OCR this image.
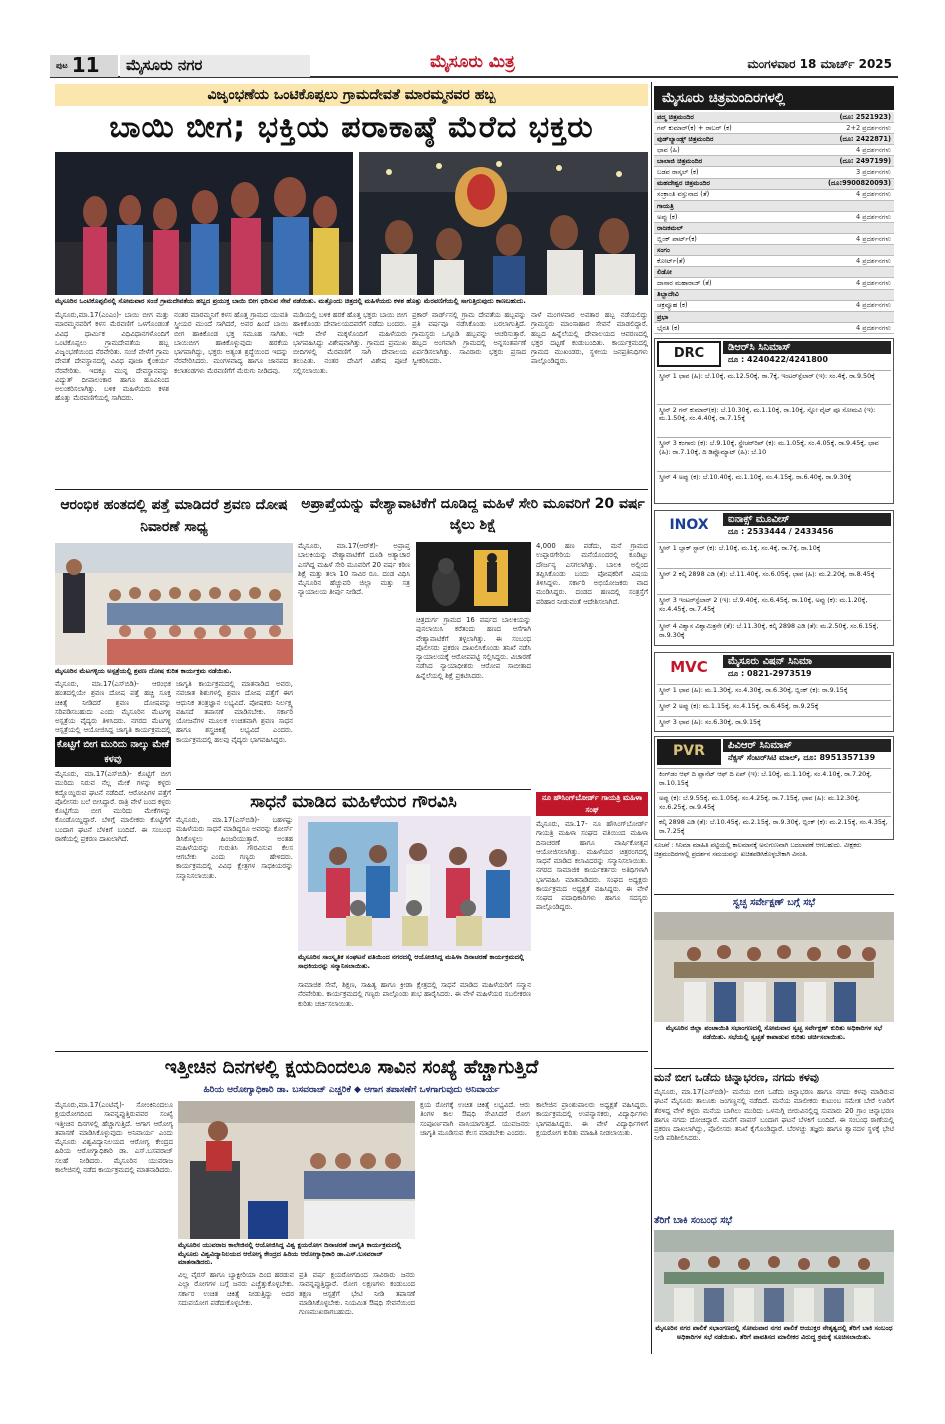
ಪುಟ 11	ಮೈಸೂರು ನಗರ	ಮೈಸೂರು ಮಿತ್ರ	ಮಂಗಳವಾರ 18 ಮಾರ್ಚ್ 2025
ವಿಜೃಂಭಣೆಯ ಒಂಟಿಕೊಪ್ಪಲು ಗ್ರಾಮದೇವತೆ ಮಾರಮ್ಮನವರ ಹಬ್ಬ
ಬಾಯಿ ಬೀಗ; ಭಕ್ತಿಯ ಪರಾಕಾಷ್ಠೆ ಮೆರೆದ ಭಕ್ತರು
ಮೈಸೂರಿನ ಒಂಟಿಕೊಪ್ಪಲಿನಲ್ಲಿ ಸೋಮವಾರ ಸಂಜೆ ಗ್ರಾಮದೇವತೆಯ ಹಬ್ಬದ ಪ್ರಯುಕ್ತ ಬಾಯಿ ಬೀಗ ಧರಿಸುವ ಸೇವೆ ನಡೆಯಿತು. ಮತ್ತೊಂದು ಚಿತ್ರದಲ್ಲಿ ಮಹಿಳೆಯರು ಕಳಶ ಹೊತ್ತು ಮೆರವಣಿಗೆಯಲ್ಲಿ ಸಾಗುತ್ತಿರುವುದು ಕಾಣಬಹುದು.
ಮೈಸೂರು,ಮಾ.17(ಎಂಎಂ)- ಬಾಯಿ ಬೀಗ ಮತ್ತು ಮಾರಮ್ಮನವರಿಗೆ ಕಳಸ ಮೆರವಣಿಗೆ ಒಳಗೊಂಡಂತೆ ವಿವಿಧ ಧಾರ್ಮಿಕ ವಿಧಿವಿಧಾನಗಳೊಂದಿಗೆ ಒಂಟಿಕೊಪ್ಪಲು ಗ್ರಾಮದೇವತೆಯ ಹಬ್ಬ ವಿಜೃಂಭಣೆಯಿಂದ ನೆರವೇರಿತು. ಸಂಜೆ ವೇಳೆಗೆ ಗ್ರಾಮ ದೇವತೆ ದೇವಸ್ಥಾನದಲ್ಲಿ ವಿವಿಧ ಪೂಜಾ ಕೈಂಕರ್ಯ ನೆರವೇರಿತು. ಇದಕ್ಕೂ ಮುನ್ನ ದೇವಸ್ಥಾನವನ್ನು ವಿದ್ಯುತ್ ದೀಪಾಲಂಕಾರ ಹಾಗೂ ಹೂವಿನಿಂದ ಅಲಂಕರಿಸಲಾಗಿತ್ತು. ಬಳಿಕ ಮಹಿಳೆಯರು ಕಳಶ ಹೊತ್ತು ಮೆರವಣಿಗೆಯಲ್ಲಿ ಸಾಗಿದರು.
ನಂತರ ಮಾರಮ್ಮನಿಗೆ ಕಳಸ ಹೊತ್ತ ಗ್ರಾಮದ ಯುವತಿ ಸ್ತ್ರೀಯರ ಮುಂದೆ ಸಾಗಿದರೆ, ಅವರ ಹಿಂದೆ ಬಾಯಿ ಬೀಗ ಹಾಕಿಕೊಂಡ ಭಕ್ತ ಸಮೂಹ ಸಾಗಿತು. ಬಾಯಿಬೀಗ ಹಾಕಿಕೊಳ್ಳುವುದು ಹರಕೆಯ ಭಾಗವಾಗಿದ್ದು, ಭಕ್ತರು ಅತ್ಯಂತ ಶ್ರದ್ಧೆಯಿಂದ ಇದನ್ನು ನೆರವೇರಿಸಿದರು. ಮಂಗಳವಾದ್ಯ ಹಾಗೂ ಜಾನಪದ ಕಲಾತಂಡಗಳು ಮೆರವಣಿಗೆಗೆ ಮೆರುಗು ನೀಡಿದವು.
ಮಡಿಯಲ್ಲಿ ಬಳಿಕ ಹರಕೆ ಹೊತ್ತ ಭಕ್ತರು ಬಾಯಿ ಬೀಗ ಹಾಕಿಕೊಂಡು ದೇವಾಲಯದವರೆಗೆ ನಡೆದು ಬಂದರು. ಇದೇ ವೇಳೆ ಮಕ್ಕಳೊಂದಿಗೆ ಮಹಿಳೆಯರು ಭಾಗವಹಿಸಿದ್ದು ವಿಶೇಷವಾಗಿತ್ತು. ಗ್ರಾಮದ ಪ್ರಮುಖ ಬೀದಿಗಳಲ್ಲಿ ಮೆರವಣಿಗೆ ಸಾಗಿ ದೇವಾಲಯ ತಲುಪಿತು. ನಂತರ ದೇವಿಗೆ ವಿಶೇಷ ಪೂಜೆ ಸಲ್ಲಿಸಲಾಯಿತು.
ಪ್ರಕಾರ್ ವಾರ್ಡ್‌ನಲ್ಲಿ ಗ್ರಾಮ ದೇವತೆಯ ಹಬ್ಬವನ್ನು ಪ್ರತಿ ವರ್ಷವೂ ನಡೆಸಿಕೊಂಡು ಬರಲಾಗುತ್ತಿದೆ. ಗ್ರಾಮಸ್ಥರು ಒಗ್ಗೂಡಿ ಹಬ್ಬವನ್ನು ಆಚರಿಸುತ್ತಾರೆ. ಹಬ್ಬದ ಅಂಗವಾಗಿ ಗ್ರಾಮದಲ್ಲಿ ಅನ್ನಸಂತರ್ಪಣೆ ಏರ್ಪಡಿಸಲಾಗಿತ್ತು. ಸಾವಿರಾರು ಭಕ್ತರು ಪ್ರಸಾದ ಸ್ವೀಕರಿಸಿದರು.
ನಾಳೆ ಮಂಗಳವಾರ ಅವತಾರ ಹಬ್ಬ ನಡೆಯಲಿದ್ದು ಗ್ರಾಮಸ್ಥರು ಮಾಂಸಾಹಾರ ಸೇವನೆ ಮಾಡಲಿದ್ದಾರೆ. ಹಬ್ಬದ ಹಿನ್ನೆಲೆಯಲ್ಲಿ ದೇವಾಲಯದ ಆವರಣದಲ್ಲಿ ಭಕ್ತರ ದಟ್ಟಣೆ ಕಂಡುಬಂದಿತು. ಕಾರ್ಯಕ್ರಮದಲ್ಲಿ ಗ್ರಾಮದ ಮುಖಂಡರು, ಸ್ಥಳೀಯ ಜನಪ್ರತಿನಿಧಿಗಳು ಪಾಲ್ಗೊಂಡಿದ್ದರು.
ಆರಂಭಿಕ ಹಂತದಲ್ಲಿ ಪತ್ತೆ ಮಾಡಿದರೆ ಶ್ರವಣ ದೋಷ ನಿವಾರಣೆ ಸಾಧ್ಯ
ಮೈಸೂರಿನ ಮೆಟಗಳ್ಳಿಯ ಅಸ್ಪತ್ರೆಯಲ್ಲಿ ಶ್ರವಣ ದೋಷ ಕುರಿತ ಕಾರ್ಯಕ್ರಮ ನಡೆಯಿತು.
ಮೈಸೂರು, ಮಾ.17(ಎಸ್‌ಬಿಡಿ)- ಆರಂಭಿಕ ಹಂತದಲ್ಲಿಯೇ ಶ್ರವಣ ದೋಷ ಪತ್ತೆ ಹಚ್ಚಿ ಸೂಕ್ತ ಚಿಕಿತ್ಸೆ ನೀಡಿದರೆ ಶ್ರವಣ ದೋಷವನ್ನು ಸರಿಪಡಿಸಬಹುದು ಎಂದು ಮೈಸೂರಿನ ಮೆಟಗಳ್ಳಿ ಅಸ್ಪತ್ರೆಯ ವೈದ್ಯರು ತಿಳಿಸಿದರು. ನಗರದ ಮೆಟಗಳ್ಳಿ ಆಸ್ಪತ್ರೆಯಲ್ಲಿ ಆಯೋಜಿಸಿದ್ದ ಜಾಗೃತಿ ಕಾರ್ಯಕ್ರಮದಲ್ಲಿ
ಜಾಗೃತಿ ಕಾರ್ಯಕ್ರಮದಲ್ಲಿ ಮಾತನಾಡಿದ ಅವರು, ನವಜಾತ ಶಿಶುಗಳಲ್ಲಿ ಶ್ರವಣ ದೋಷ ಪತ್ತೆಗೆ ಈಗ ಆಧುನಿಕ ತಂತ್ರಜ್ಞಾನ ಲಭ್ಯವಿದೆ. ಪೋಷಕರು ನಿರ್ಲಕ್ಷ್ಯ ವಹಿಸದೆ ತಪಾಸಣೆ ಮಾಡಿಸಬೇಕು. ಸರ್ಕಾರಿ ಯೋಜನೆಗಳ ಮೂಲಕ ಉಚಿತವಾಗಿ ಶ್ರವಣ ಸಾಧನ ಹಾಗೂ ಶಸ್ತ್ರಚಿಕಿತ್ಸೆ ಲಭ್ಯವಿದೆ ಎಂದರು. ಕಾರ್ಯಕ್ರಮದಲ್ಲಿ ಹಲವು ವೈದ್ಯರು ಭಾಗವಹಿಸಿದ್ದರು.
ಕೊಟ್ಟಿಗೆ ಬೀಗ ಮುರಿದು ನಾಲ್ಕು ಮೇಕೆ ಕಳವು
ಮೈಸೂರು, ಮಾ.17(ಎಸ್‌ಬಿಡಿ)- ಕೊಟ್ಟಿಗೆ ಬೀಗ ಮುರಿದು ನಿರುವ ನೆಲ್ಲ ಮೇಕೆ ಗಳನ್ನು ಕಳ್ಳರು ಕದ್ದೊಯ್ದಿರುವ ಘಟನೆ ನಡೆದಿದೆ. ಆರೋಪಿಗಳ ಪತ್ತೆಗೆ ಪೊಲೀಸರು ಬಲೆ ಬೀಸಿದ್ದಾರೆ. ರಾತ್ರಿ ವೇಳೆ ಬಂದ ಕಳ್ಳರು ಕೊಟ್ಟಿಗೆಯ ಬೀಗ ಮುರಿದು ಮೇಕೆಗಳನ್ನು ಕೊಂಡೊಯ್ದಿದ್ದಾರೆ. ಬೆಳಿಗ್ಗೆ ಮಾಲೀಕರು ಕೊಟ್ಟಿಗೆಗೆ ಬಂದಾಗ ಘಟನೆ ಬೆಳಕಿಗೆ ಬಂದಿದೆ. ಈ ಸಂಬಂಧ ಠಾಣೆಯಲ್ಲಿ ಪ್ರಕರಣ ದಾಖಲಾಗಿದೆ.
ಅಪ್ರಾಪ್ತೆಯನ್ನು ವೇಶ್ಯಾವಾಟಿಕೆಗೆ ದೂಡಿದ್ದ ಮಹಿಳೆ ಸೇರಿ ಮೂವರಿಗೆ 20 ವರ್ಷ ಜೈಲು ಶಿಕ್ಷೆ
ಮೈಸೂರು, ಮಾ.17(ಆರ್‌ಕೆ)- ಅಪ್ರಾಪ್ತ ಬಾಲಕಿಯನ್ನು ವೇಶ್ಯಾವಾಟಿಕೆಗೆ ದೂಡಿ ಅತ್ಯಾಚಾರ ಎಸಗಿದ್ದ ಮಹಿಳೆ ಸೇರಿ ಮೂವರಿಗೆ 20 ವರ್ಷ ಕಠಿಣ ಶಿಕ್ಷೆ ಮತ್ತು ತಲಾ 10 ಸಾವಿರ ರೂ. ದಂಡ ವಿಧಿಸಿ ಮೈಸೂರಿನ ಹೆಚ್ಚುವರಿ ಜಿಲ್ಲಾ ಮತ್ತು ಸತ್ರ ನ್ಯಾಯಾಲಯ ತೀರ್ಪು ನೀಡಿದೆ.
ಚಿತ್ರದುರ್ಗ ಗ್ರಾಮದ 16 ವರ್ಷದ ಬಾಲಕಿಯನ್ನು ಪುಸಲಾಯಿಸಿ ಕರೆತಂದು ಹಣದ ಆಸೆಗಾಗಿ ವೇಶ್ಯಾವಾಟಿಕೆಗೆ ತಳ್ಳಲಾಗಿತ್ತು. ಈ ಸಂಬಂಧ ಪೊಲೀಸರು ಪ್ರಕರಣ ದಾಖಲಿಸಿಕೊಂಡು ತನಿಖೆ ನಡೆಸಿ ನ್ಯಾಯಾಲಯಕ್ಕೆ ಆರೋಪಪಟ್ಟಿ ಸಲ್ಲಿಸಿದ್ದರು. ವಿಚಾರಣೆ ನಡೆಸಿದ ನ್ಯಾಯಾಧೀಶರು ಆರೋಪ ಸಾಬೀತಾದ ಹಿನ್ನೆಲೆಯಲ್ಲಿ ಶಿಕ್ಷೆ ಪ್ರಕಟಿಸಿದರು.
4,000 ಹಣ ಪಡೆದು, ಮನೆ ಗ್ರಾಮದ ಉಪ್ಪಾರಗೇರಿಯ ಮನೆಯೊಂದರಲ್ಲಿ ಕೂಡಿಟ್ಟು ದೌರ್ಜನ್ಯ ಎಸಗಲಾಗಿತ್ತು. ಬಾಲಕಿ ಅಲ್ಲಿಂದ ತಪ್ಪಿಸಿಕೊಂಡು ಬಂದು ಪೋಷಕರಿಗೆ ವಿಷಯ ತಿಳಿಸಿದ್ದಳು. ಸರ್ಕಾರಿ ಅಭಿಯೋಜಕರು ವಾದ ಮಂಡಿಸಿದ್ದರು. ದಂಡದ ಹಣದಲ್ಲಿ ಸಂತ್ರಸ್ತೆಗೆ ಪರಿಹಾರ ನೀಡುವಂತೆ ಆದೇಶಿಸಲಾಗಿದೆ.
ಸಾಧನೆ ಮಾಡಿದ ಮಹಿಳೆಯರ ಗೌರವಿಸಿ
ಮೈಸೂರು, ಮಾ.17(ಎಸ್‌ಬಿಡಿ)- ಬಹಳಷ್ಟು ಮಹಿಳೆಯರು ಸಾಧನೆ ಮಾಡಿದ್ದರೂ ಅವರನ್ನು ಕೋರ್ಸ್ ಡಿಸಿಕೊಳ್ಳಲು ಹಿಂಜರಿಯುತ್ತಾರೆ. ಅಂತಹ ಮಹಿಳೆಯರನ್ನು ಗುರುತಿಸಿ ಗೌರವಿಸುವ ಕೆಲಸ ಆಗಬೇಕು ಎಂದು ಗಣ್ಯರು ಹೇಳಿದರು. ಕಾರ್ಯಕ್ರಮದಲ್ಲಿ ವಿವಿಧ ಕ್ಷೇತ್ರಗಳ ಸಾಧಕಿಯರನ್ನು ಸನ್ಮಾನಿಸಲಾಯಿತು.
ಮೈಸೂರಿನ ಸಾಂಸ್ಕೃತಿಕ ಸಂಘಟನೆ ವತಿಯಿಂದ ನಗರದಲ್ಲಿ ಆಯೋಜಿಸಿದ್ದ ಮಹಿಳಾ ದಿನಾಚರಣೆ ಕಾರ್ಯಕ್ರಮದಲ್ಲಿ ಸಾಧಕಿಯರನ್ನು ಸನ್ಮಾನಿಸಲಾಯಿತು.
ಸಾಮಾಜಿಕ ಸೇವೆ, ಶಿಕ್ಷಣ, ಸಾಹಿತ್ಯ ಹಾಗೂ ಕ್ರೀಡಾ ಕ್ಷೇತ್ರದಲ್ಲಿ ಸಾಧನೆ ಮಾಡಿದ ಮಹಿಳೆಯರಿಗೆ ಸನ್ಮಾನ ನೆರವೇರಿತು. ಕಾರ್ಯಕ್ರಮದಲ್ಲಿ ಗಣ್ಯರು ಪಾಲ್ಗೊಂಡು ಶುಭ ಹಾರೈಸಿದರು. ಈ ವೇಳೆ ಮಹಿಳೆಯರ ಸಬಲೀಕರಣ ಕುರಿತು ಚರ್ಚಿಸಲಾಯಿತು.
ನೂ ಹೌಸಿಂಗ್‌ಬೋರ್ಡ್ ಗಾಯತ್ರಿ ಮಹಿಳಾ ಸಂಘ
ಮೈಸೂರು, ಮಾ.17- ನೂ ಹೌಸಿಂಗ್‌ಬೋರ್ಡ್ ಗಾಯತ್ರಿ ಮಹಿಳಾ ಸಂಘದ ವತಿಯಿಂದ ಮಹಿಳಾ ದಿನಾಚರಣೆ ಹಾಗೂ ವಾರ್ಷಿಕೋತ್ಸವ ಆಯೋಜಿಸಲಾಗಿತ್ತು. ಮಹಿಳೆಯರ ಚಿತ್ರರಂಗದಲ್ಲಿ ಸಾಧನೆ ಮಾಡಿದ ಕಲಾವಿದರನ್ನು ಸನ್ಮಾನಿಸಲಾಯಿತು. ನಗರದ ಸಾಮಾಜಿಕ ಕಾರ್ಯಕರ್ತರು ಅತಿಥಿಗಳಾಗಿ ಭಾಗವಹಿಸಿ ಮಾತನಾಡಿದರು. ಸಂಘದ ಅಧ್ಯಕ್ಷರು ಕಾರ್ಯಕ್ರಮದ ಅಧ್ಯಕ್ಷತೆ ವಹಿಸಿದ್ದರು. ಈ ವೇಳೆ ಸಂಘದ ಪದಾಧಿಕಾರಿಗಳು ಹಾಗೂ ಸದಸ್ಯರು ಪಾಲ್ಗೊಂಡಿದ್ದರು.
ಇತ್ತೀಚಿನ ದಿನಗಳಲ್ಲಿ ಕ್ಷಯದಿಂದಲೂ ಸಾವಿನ ಸಂಖ್ಯೆ ಹೆಚ್ಚಾಗುತ್ತಿದೆ
ಹಿರಿಯ ಆರೋಗ್ಯಾಧಿಕಾರಿ ಡಾ. ಬಸವರಾಜ್ ಎಚ್ಚರಿಕೆ ◆ ಆಗಾಗ ತಪಾಸಣೆಗೆ ಒಳಗಾಗುವುದು ಅನಿವಾರ್ಯ
ಮೈಸೂರು,ಮಾ.17(ಎಂಟಿವೈ)- ಸೋಂಕಿನಿಂದಲೂ ಕ್ಷಯರೋಗದಿಂದ ಸಾವನ್ನಪ್ಪುತ್ತಿರುವವರ ಸಂಖ್ಯೆ ಇತ್ತೀಚಿನ ದಿನಗಳಲ್ಲಿ ಹೆಚ್ಚಾಗುತ್ತಿದೆ. ಆಗಾಗ ಆರೋಗ್ಯ ತಪಾಸಣೆ ಮಾಡಿಸಿಕೊಳ್ಳುವುದು ಅನಿವಾರ್ಯ ಎಂದು ಮೈಸೂರು ವಿಶ್ವವಿದ್ಯಾನಿಲಯದ ಆರೋಗ್ಯ ಕೇಂದ್ರದ ಹಿರಿಯ ಆರೋಗ್ಯಾಧಿಕಾರಿ ಡಾ. ಎಸ್.ಬಸವರಾಜ್ ಸಲಹೆ ನೀಡಿದರು. ಮೈಸೂರಿನ ಯುವರಾಜ ಕಾಲೇಜಿನಲ್ಲಿ ನಡೆದ ಕಾರ್ಯಕ್ರಮದಲ್ಲಿ ಮಾತನಾಡಿದರು.
ಮೈಸೂರಿನ ಯುವರಾಜ ಕಾಲೇಜಿನಲ್ಲಿ ಆಯೋಜಿಸಿದ್ದ ವಿಶ್ವ ಕ್ಷಯರೋಗ ದಿನಾಚರಣೆ ಜಾಗೃತಿ ಕಾರ್ಯಕ್ರಮದಲ್ಲಿ ಮೈಸೂರು ವಿಶ್ವವಿದ್ಯಾನಿಲಯದ ಆರೋಗ್ಯ ಕೇಂದ್ರದ ಹಿರಿಯ ಆರೋಗ್ಯಾಧಿಕಾರಿ ಡಾ.ಎಸ್.ಬಸವರಾಜ್ ಮಾತನಾಡಿದರು.
ವಿಲ್ಲ ವೈರಸ್ ಹಾಗೂ ಬ್ಯಾಕ್ಟೀರಿಯಾ ದಿಂದ ಹರಡುವ ಎಲ್ಲಾ ರೋಗಗಳ ಬಗ್ಗೆ ಜನರು ಎಚ್ಚೆತ್ತುಕೊಳ್ಳಬೇಕು. ಸರ್ಕಾರ ಉಚಿತ ಚಿಕಿತ್ಸೆ ನೀಡುತ್ತಿದ್ದು ಅದರ ಸದುಪಯೋಗ ಪಡೆದುಕೊಳ್ಳಬೇಕು.
ಪ್ರತಿ ವರ್ಷ ಕ್ಷಯರೋಗದಿಂದ ಸಾವಿರಾರು ಜನರು ಸಾವನ್ನಪ್ಪುತ್ತಿದ್ದಾರೆ. ರೋಗ ಲಕ್ಷಣಗಳು ಕಂಡುಬಂದ ತಕ್ಷಣ ಆಸ್ಪತ್ರೆಗೆ ಭೇಟಿ ನೀಡಿ ತಪಾಸಣೆ ಮಾಡಿಸಿಕೊಳ್ಳಬೇಕು. ನಿಯಮಿತ ಔಷಧಿ ಸೇವನೆಯಿಂದ ಗುಣಮುಖರಾಗಬಹುದು.
ಕ್ಷಯ ರೋಗಕ್ಕೆ ಉಚಿತ ಚಿಕಿತ್ಸೆ ಲಭ್ಯವಿದೆ. ಆರು ತಿಂಗಳ ಕಾಲ ಔಷಧಿ ಸೇವಿಸಿದರೆ ರೋಗ ಸಂಪೂರ್ಣವಾಗಿ ವಾಸಿಯಾಗುತ್ತದೆ. ಯುವಜನರು ಜಾಗೃತಿ ಮೂಡಿಸುವ ಕೆಲಸ ಮಾಡಬೇಕು ಎಂದರು.
ಕಾಲೇಜಿನ ಪ್ರಾಂಶುಪಾಲರು ಅಧ್ಯಕ್ಷತೆ ವಹಿಸಿದ್ದರು. ಕಾರ್ಯಕ್ರಮದಲ್ಲಿ ಉಪನ್ಯಾಸಕರು, ವಿದ್ಯಾರ್ಥಿಗಳು ಭಾಗವಹಿಸಿದ್ದರು. ಈ ವೇಳೆ ವಿದ್ಯಾರ್ಥಿಗಳಿಗೆ ಕ್ಷಯರೋಗ ಕುರಿತು ಮಾಹಿತಿ ನೀಡಲಾಯಿತು.
ಮೈಸೂರು ಚಿತ್ರಮಂದಿರಗಳಲ್ಲಿ
ಪದ್ಮ ಚಿತ್ರಮಂದಿರ	(ದೂ: 2521923)
ಗನ್ ಕುಮಾರ್(ಕ) + ರಾಬರ್ (ಕ)	2+2 ಪ್ರದರ್ಶನಗಳು
ವುಡ್‌ಲ್ಯಾಂಡ್ಸ್ ಚಿತ್ರಮಂದಿರ	(ದೂ: 2422871)
ಛಾವ (ಹಿ)	4 ಪ್ರದರ್ಶನಗಳು
ಬಾಲಾಜಿ ಚಿತ್ರಮಂದಿರ	(ದೂ: 2497199)
ಬಡವ ರಾಸ್ಕಲ್ (ಕ)	3 ಪ್ರದರ್ಶನಗಳು
ಮಹದೇಶ್ವರ ಚಿತ್ರಮಂದಿರ	(ದೂ:9900820093)
ಸಂಕ್ರಾಂತಿ ವಸ್ತುನಾದ (ತೆ)	4 ಪ್ರದರ್ಶನಗಳು
ಗಾಯತ್ರಿ
ಅಪ್ಪು (ಕ)	4 ಪ್ರದರ್ಶನಗಳು
ರಾಜಕಮಲ್
ಬ್ಲಿಂಕ್ ಪಾರ್ಟ್(ಕ)	4 ಪ್ರದರ್ಶನಗಳು
ಸಂಗಂ
ಕೋರ್ಟ್(ತೆ)	4 ಪ್ರದರ್ಶನಗಳು
ಲಿಡೋ
ದಾಸಾರ ಮಹಾರಾಜ್ (ತೆ)	4 ಪ್ರದರ್ಶನಗಳು
ತಿಬ್ಬಾದೇವಿ
ಚಕ್ರವ್ಯೂಹ (ಕ)	4 ಪ್ರದರ್ಶನಗಳು
ಪ್ರಭಾ
ಭೈರತಿ (ಕ)	4 ಪ್ರದರ್ಶನಗಳು
DRC	ಡಿಆರ್‌ಸಿ ಸಿನಿಮಾಸ್
ದೂ : 4240422/4241800
ಸ್ಕ್ರೀನ್ 1 ಛಾವ (ಹಿ): ಬೆ.10ಕ್ಕೆ, ಮ.12.50ಕ್ಕೆ, ರಾ.7ಕ್ಕೆ, ಇಂಟರ್‌ಸ್ಟೆಲಾರ್ (ಇ): ಸಂ.4ಕ್ಕೆ, ರಾ.9.50ಕ್ಕೆ
ಸ್ಕ್ರೀನ್ 2 ಗನ್ ಕುಮಾರ್(ಕ): ಬೆ.10.30ಕ್ಕೆ, ಮ.1.10ಕ್ಕೆ, ರಾ.10ಕ್ಕೆ, ಸ್ನೋ ವೈಟ್ ಪೂ ಸೋಮವಿ (ಇ): ಮ.1.50ಕ್ಕೆ, ಸಂ.4.40ಕ್ಕೆ, ರಾ.7.15ಕ್ಕೆ
ಸ್ಕ್ರೀನ್ 3 ಕಂಗಾರು (ಕ): ಬೆ.9.10ಕ್ಕೆ, ಸ್ಟ್ರೇಚರ್‌ರಿಪ್ (ಕ): ಮ.1.05ಕ್ಕೆ, ಸಂ.4.05ಕ್ಕೆ, ರಾ.9.45ಕ್ಕೆ, ಛಾವ (ಹಿ): ರಾ.7.10ಕ್ಕೆ, ದಿ ಡಿಪ್ಲೊಮ್ಯಾಟ್ (ಹಿ): ಬೆ.10
ಸ್ಕ್ರೀನ್ 4 ಅಪ್ಪು (ಕ): ಬೆ.10.40ಕ್ಕೆ, ಮ.1.10ಕ್ಕೆ, ಸಂ.4.15ಕ್ಕೆ, ರಾ.6.40ಕ್ಕೆ, ರಾ.9.30ಕ್ಕೆ
INOX	ಐನಾಕ್ಸ್ ಮೂವೀಸ್
ದೂ : 2533444 / 2433456
ಸ್ಕ್ರೀನ್ 1 ಬ್ಲಾಕ್ ಸ್ಟಾರ್ (ಕ): ಬೆ.10ಕ್ಕೆ, ಮ.1ಕ್ಕೆ, ಸಂ.4ಕ್ಕೆ, ರಾ.7ಕ್ಕೆ, ರಾ.10ಕ್ಕೆ
ಸ್ಕ್ರೀನ್ 2 ಕಲ್ಕಿ 2898 ಎಡಿ (ತೆ): ಬೆ.11.40ಕ್ಕೆ, ಸಂ.6.05ಕ್ಕೆ, ಛಾವ (ಹಿ): ಮ.2.20ಕ್ಕೆ, ರಾ.8.45ಕ್ಕೆ
ಸ್ಕ್ರೀನ್ 3 ಇಂಟರ್‌ಸ್ಟೆಲಾರ್ 2 (ಇ): ಬೆ.9.40ಕ್ಕೆ, ಸಂ.6.45ಕ್ಕೆ, ರಾ.10ಕ್ಕೆ, ಅಪ್ಪು (ಕ): ಮ.1.20ಕ್ಕೆ, ಸಂ.4.45ಕ್ಕೆ, ರಾ.7.45ಕ್ಕೆ
ಸ್ಕ್ರೀನ್ 4 ವಿಶ್ವಾಸ ವಿಶ್ವಾಮಿತ್ರನೇ (ತೆ): ಬೆ.11.30ಕ್ಕೆ, ಕಲ್ಕಿ 2898 ಎಡಿ (ತೆ): ಮ.2.50ಕ್ಕೆ, ಸಂ.6.15ಕ್ಕೆ, ರಾ.9.30ಕ್ಕೆ
MVC	ಮೈಸೂರು ವಿಷನ್ ಸಿನಿಮಾ
ದೂ : 0821-2973519
ಸ್ಕ್ರೀನ್ 1 ಛಾವ (ಹಿ): ಮ.1.30ಕ್ಕೆ, ಸಂ.4.30ಕ್ಕೆ, ರಾ.6.30ಕ್ಕೆ, ಬ್ಲಿಂಕ್ (ಕ): ರಾ.9.15ಕ್ಕೆ
ಸ್ಕ್ರೀನ್ 2 ಅಪ್ಪು (ಕ): ಮ.1.15ಕ್ಕೆ, ಸಂ.4.15ಕ್ಕೆ, ರಾ.6.45ಕ್ಕೆ, ರಾ.9.25ಕ್ಕೆ
ಸ್ಕ್ರೀನ್ 3 ಛಾವ (ಹಿ): ಸಂ.6.30ಕ್ಕೆ, ರಾ.9.15ಕ್ಕೆ
PVR	ಪಿವಿಆರ್ ಸಿನಿಮಾಸ್
ನೆಕ್ಸಸ್ ಸೆಂಟರ್‌ಸಿಟಿ ಮಾಲ್, ದೂ: 8951357139
ಕಿಂಗ್‌ಡಂ ಆಫ್ ದಿ ಪ್ಲಾನೆಟ್ ಆಫ್ ದಿ ಏಪ್ (ಇ): ಬೆ.10ಕ್ಕೆ, ಮ.1.10ಕ್ಕೆ, ಸಂ.4.10ಕ್ಕೆ, ರಾ.7.20ಕ್ಕೆ, ರಾ.10.15ಕ್ಕೆ
ಅಪ್ಪು (ಕ): ಬೆ.9.55ಕ್ಕೆ, ಮ.1.05ಕ್ಕೆ, ಸಂ.4.25ಕ್ಕೆ, ರಾ.7.15ಕ್ಕೆ, ಛಾವ (ಹಿ): ಮ.12.30ಕ್ಕೆ, ಸಂ.6.25ಕ್ಕೆ, ರಾ.9.45ಕ್ಕೆ
ಕಲ್ಕಿ 2898 ಎಡಿ (ತೆ): ಬೆ.10.45ಕ್ಕೆ, ಮ.2.15ಕ್ಕೆ, ರಾ.9.30ಕ್ಕೆ, ಬ್ಲಿಂಕ್ (ಕ): ಮ.2.15ಕ್ಕೆ, ಸಂ.4.35ಕ್ಕೆ, ರಾ.7.25ಕ್ಕೆ
ಸೂಚನೆ : ಸಿನಿಮಾ ಮಾಹಿತಿ ಪಟ್ಟಿಯಲ್ಲಿ ಕಾಲಮಾನಕ್ಕೆ ಅನುಗುಣವಾಗಿ ಬದಲಾವಣೆ ಆಗಬಹುದು. ವೀಕ್ಷಕರು ಚಿತ್ರಮಂದಿರಗಳಲ್ಲಿ ಪ್ರದರ್ಶನ ಸಮಯವನ್ನು ಖಚಿತಪಡಿಸಿಕೊಳ್ಳಬೇಕಾಗಿ ವಿನಂತಿ.
ಸ್ವಚ್ಛ ಸರ್ವೇಕ್ಷಣ್ ಬಗ್ಗೆ ಸಭೆ
ಮೈಸೂರಿನ ಜಿಲ್ಲಾ ಪಂಚಾಯಿತಿ ಸಭಾಂಗಣದಲ್ಲಿ ಸೋಮವಾರ ಸ್ವಚ್ಛ ಸರ್ವೇಕ್ಷಣ್ ಕುರಿತು ಅಧಿಕಾರಿಗಳ ಸಭೆ ನಡೆಯಿತು. ಸಭೆಯಲ್ಲಿ ಸ್ವಚ್ಛತೆ ಕಾಪಾಡುವ ಕುರಿತು ಚರ್ಚಿಸಲಾಯಿತು.
ಮನೆ ಬೀಗ ಒಡೆದು ಚಿನ್ನಾಭರಣ, ನಗದು ಕಳವು
ಮೈಸೂರು, ಮಾ.17(ಎಸ್‌ಬಿಡಿ)- ಮನೆಯ ಬೀಗ ಒಡೆದು ಚಿನ್ನಾಭರಣ ಹಾಗೂ ನಗದು ಕಳವು ಮಾಡಿರುವ ಘಟನೆ ಮೈಸೂರು ತಾಲೂಕು ಜಂಗಣ್ಣನಲ್ಲಿ ನಡೆದಿದೆ. ಮನೆಯ ಮಾಲೀಕರು ಕುಟುಂಬ ಸಮೇತ ಬೇರೆ ಊರಿಗೆ ತೆರಳಿದ್ದ ವೇಳೆ ಕಳ್ಳರು ಮನೆಯ ಬಾಗಿಲು ಮುರಿದು ಒಳನುಗ್ಗಿ ಬೀರುವಿನಲ್ಲಿದ್ದ ಸುಮಾರು 20 ಗ್ರಾಂ ಚಿನ್ನಾಭರಣ ಹಾಗೂ ನಗದು ದೋಚಿದ್ದಾರೆ. ಮನೆಗೆ ವಾಪಸ್ ಬಂದಾಗ ಘಟನೆ ಬೆಳಕಿಗೆ ಬಂದಿದೆ. ಈ ಸಂಬಂಧ ಠಾಣೆಯಲ್ಲಿ ಪ್ರಕರಣ ದಾಖಲಾಗಿದ್ದು, ಪೊಲೀಸರು ತನಿಖೆ ಕೈಗೊಂಡಿದ್ದಾರೆ. ಬೆರಳಚ್ಚು ತಜ್ಞರು ಹಾಗೂ ಶ್ವಾನದಳ ಸ್ಥಳಕ್ಕೆ ಭೇಟಿ ನೀಡಿ ಪರಿಶೀಲಿಸಿದರು.
ತೆರಿಗೆ ಬಾಕಿ ಸಂಬಂಧ ಸಭೆ
ಮೈಸೂರಿನ ನಗರ ಪಾಲಿಕೆ ಸಭಾಂಗಣದಲ್ಲಿ ಸೋಮವಾರ ನಗರ ಪಾಲಿಕೆ ಆಯುಕ್ತರ ನೇತೃತ್ವದಲ್ಲಿ ತೆರಿಗೆ ಬಾಕಿ ಸಂಬಂಧ ಅಧಿಕಾರಿಗಳ ಸಭೆ ನಡೆಯಿತು. ತೆರಿಗೆ ಪಾವತಿಸದ ಮಾಲೀಕರ ವಿರುದ್ಧ ಕ್ರಮಕ್ಕೆ ಸೂಚಿಸಲಾಯಿತು.
